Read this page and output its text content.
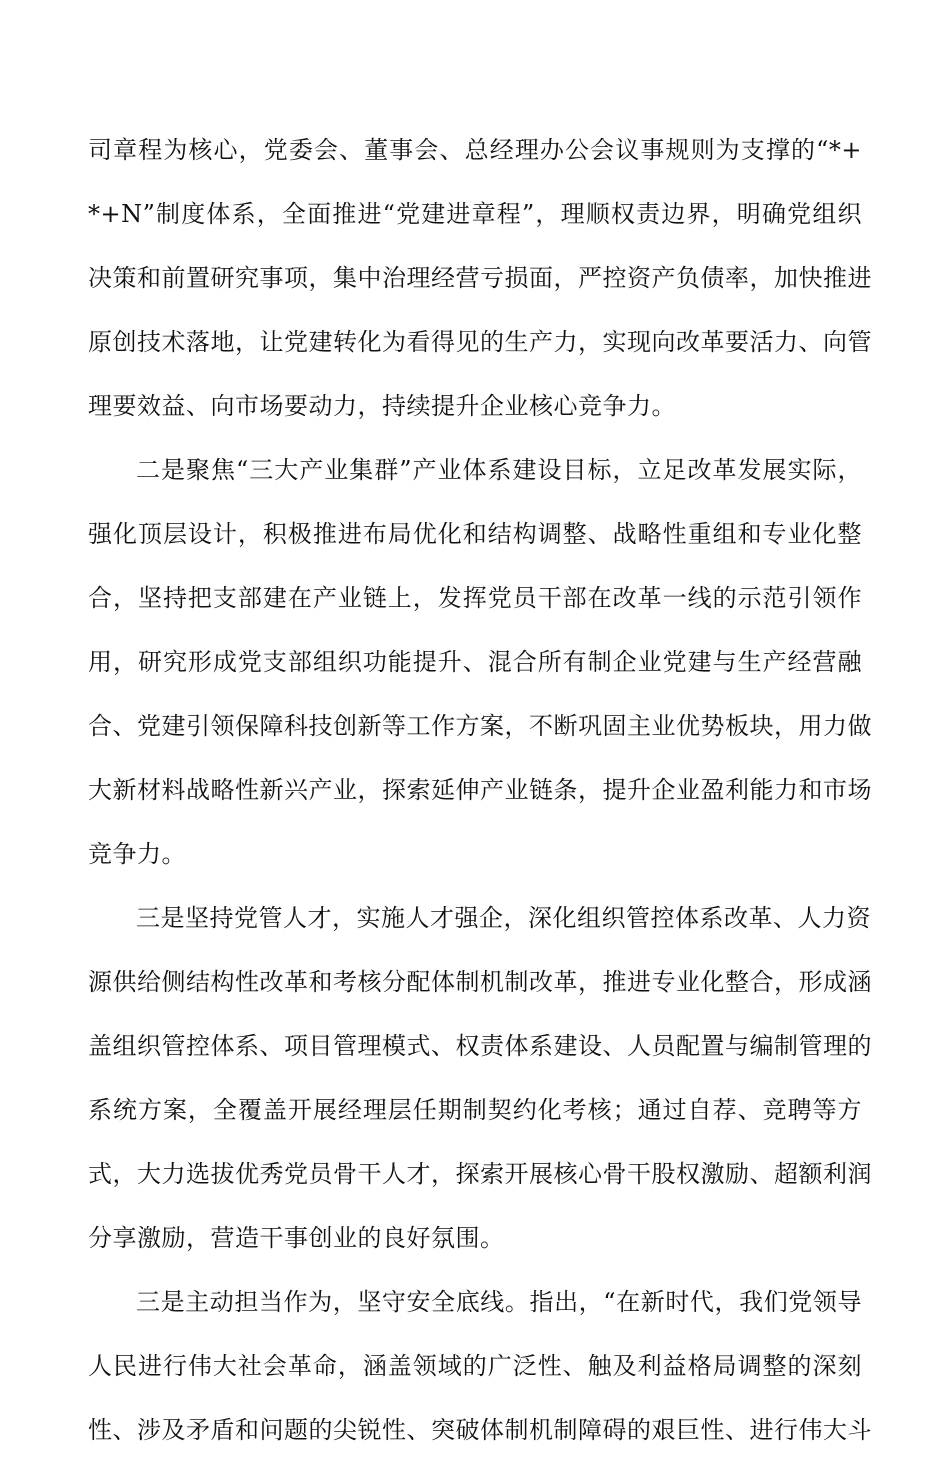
司章程为核心，党委会、董事会、总经理办公会议事规则为支撑的“*+
*+N”制度体系，全面推进“党建进章程”，理顺权责边界，明确党组织
决策和前置研究事项，集中治理经营亏损面，严控资产负债率，加快推进
原创技术落地，让党建转化为看得见的生产力，实现向改革要活力、向管
理要效益、向市场要动力，持续提升企业核心竞争力。
二是聚焦“三大产业集群”产业体系建设目标，立足改革发展实际，
强化顶层设计，积极推进布局优化和结构调整、战略性重组和专业化整
合，坚持把支部建在产业链上，发挥党员干部在改革一线的示范引领作
用，研究形成党支部组织功能提升、混合所有制企业党建与生产经营融
合、党建引领保障科技创新等工作方案，不断巩固主业优势板块，用力做
大新材料战略性新兴产业，探索延伸产业链条，提升企业盈利能力和市场
竞争力。
三是坚持党管人才，实施人才强企，深化组织管控体系改革、人力资
源供给侧结构性改革和考核分配体制机制改革，推进专业化整合，形成涵
盖组织管控体系、项目管理模式、权责体系建设、人员配置与编制管理的
系统方案，全覆盖开展经理层任期制契约化考核；通过自荐、竞聘等方
式，大力选拔优秀党员骨干人才，探索开展核心骨干股权激励、超额利润
分享激励，营造干事创业的良好氛围。
三是主动担当作为，坚守安全底线。指出，“在新时代，我们党领导
人民进行伟大社会革命，涵盖领域的广泛性、触及利益格局调整的深刻
性、涉及矛盾和问题的尖锐性、突破体制机制障碍的艰巨性、进行伟大斗
